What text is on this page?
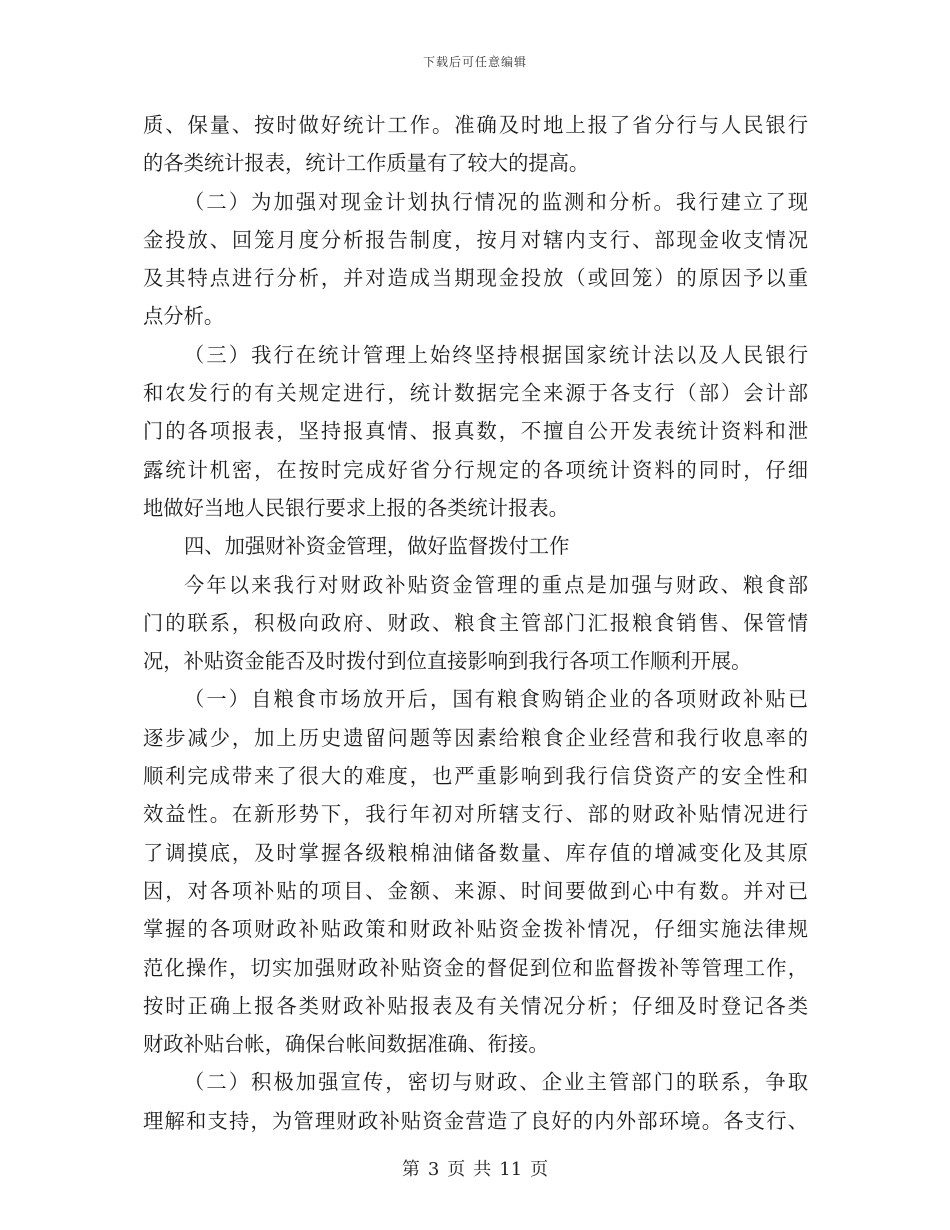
下载后可任意编辑
质、保量、按时做好统计工作。准确及时地上报了省分行与人民银行
的各类统计报表，统计工作质量有了较大的提高。
（二）为加强对现金计划执行情况的监测和分析。我行建立了现
金投放、回笼月度分析报告制度，按月对辖内支行、部现金收支情况
及其特点进行分析，并对造成当期现金投放（或回笼）的原因予以重
点分析。
（三）我行在统计管理上始终坚持根据国家统计法以及人民银行
和农发行的有关规定进行，统计数据完全来源于各支行（部）会计部
门的各项报表，坚持报真情、报真数，不擅自公开发表统计资料和泄
露统计机密，在按时完成好省分行规定的各项统计资料的同时，仔细
地做好当地人民银行要求上报的各类统计报表。
四、加强财补资金管理，做好监督拨付工作
今年以来我行对财政补贴资金管理的重点是加强与财政、粮食部
门的联系，积极向政府、财政、粮食主管部门汇报粮食销售、保管情
况，补贴资金能否及时拨付到位直接影响到我行各项工作顺利开展。
（一）自粮食市场放开后，国有粮食购销企业的各项财政补贴已
逐步减少，加上历史遗留问题等因素给粮食企业经营和我行收息率的
顺利完成带来了很大的难度，也严重影响到我行信贷资产的安全性和
效益性。在新形势下，我行年初对所辖支行、部的财政补贴情况进行
了调摸底，及时掌握各级粮棉油储备数量、库存值的增减变化及其原
因，对各项补贴的项目、金额、来源、时间要做到心中有数。并对已
掌握的各项财政补贴政策和财政补贴资金拨补情况，仔细实施法律规
范化操作，切实加强财政补贴资金的督促到位和监督拨补等管理工作，
按时正确上报各类财政补贴报表及有关情况分析；仔细及时登记各类
财政补贴台帐，确保台帐间数据准确、衔接。
（二）积极加强宣传，密切与财政、企业主管部门的联系，争取
理解和支持，为管理财政补贴资金营造了良好的内外部环境。各支行、
第 3 页 共 11 页
